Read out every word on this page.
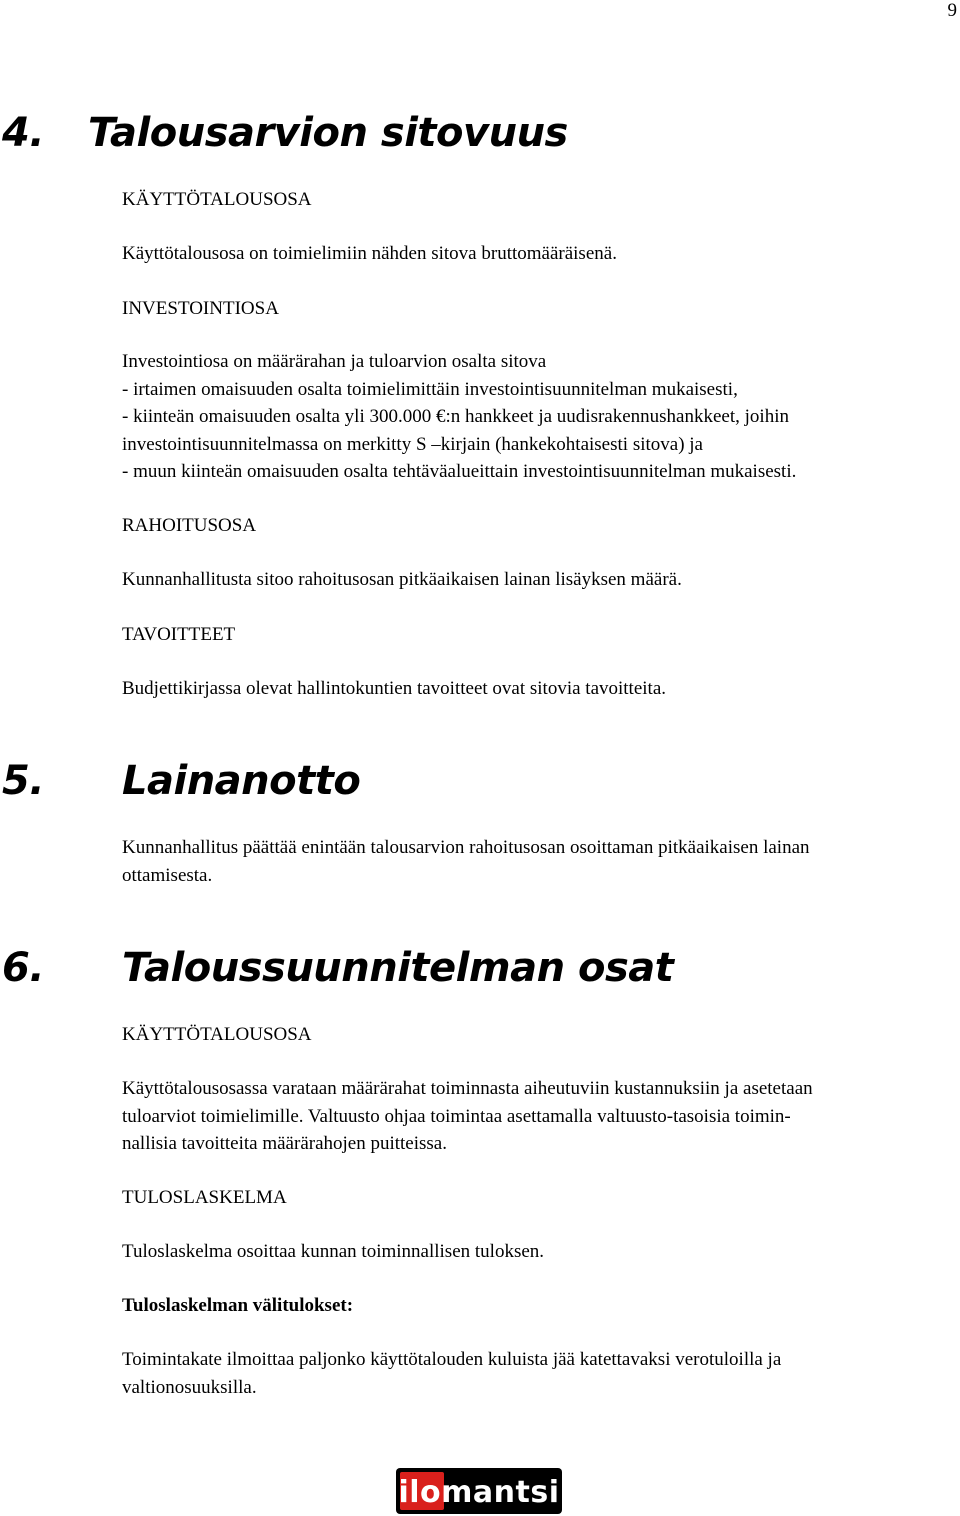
9
4. Talousarvion sitovuus
KÄYTTÖTALOUSOSA
Käyttötalousosa on toimielimiin nähden sitova bruttomääräisenä.
INVESTOINTIOSA
Investointiosa on määrärahan ja tuloarvion osalta sitova
- irtaimen omaisuuden osalta toimielimittäin investointisuunnitelman mukaisesti,
- kiinteän omaisuuden osalta yli 300.000 €:n hankkeet ja uudisrakennushankkeet, joihin
investointisuunnitelmassa on merkitty S –kirjain (hankekohtaisesti sitova) ja
- muun kiinteän omaisuuden osalta tehtäväalueittain investointisuunnitelman mukaisesti.
RAHOITUSOSA
Kunnanhallitusta sitoo rahoitusosan pitkäaikaisen lainan lisäyksen määrä.
TAVOITTEET
Budjettikirjassa olevat hallintokuntien tavoitteet ovat sitovia tavoitteita.
5. Lainanotto
Kunnanhallitus päättää enintään talousarvion rahoitusosan osoittaman pitkäaikaisen lainan
ottamisesta.
6. Taloussuunnitelman osat
KÄYTTÖTALOUSOSA
Käyttötalousosassa varataan määrärahat toiminnasta aiheutuviin kustannuksiin ja asetetaan
tuloarviot toimielimille. Valtuusto ohjaa toimintaa asettamalla valtuusto-tasoisia toimin-
nallisia tavoitteita määrärahojen puitteissa.
TULOSLASKELMA
Tuloslaskelma osoittaa kunnan toiminnallisen tuloksen.
Tuloslaskelman välitulokset:
Toimintakate ilmoittaa paljonko käyttötalouden kuluista jää katettavaksi verotuloilla ja
valtionosuuksilla.
ilomantsi
